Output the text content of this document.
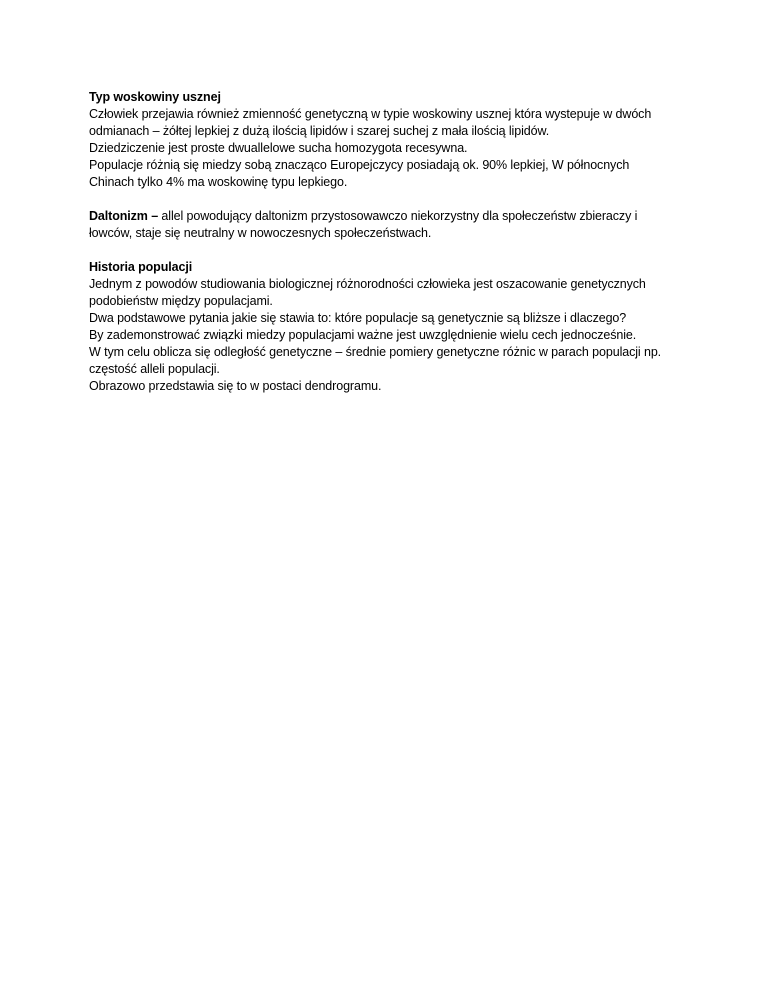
Typ woskowiny usznej
Człowiek przejawia również zmienność genetyczną w typie woskowiny usznej która wystepuje w dwóch
odmianach – żółtej lepkiej z dużą ilością lipidów i szarej suchej z mała ilością lipidów.
Dziedziczenie jest proste dwuallelowe sucha homozygota recesywna.
Populacje różnią się miedzy sobą znacząco Europejczycy posiadają ok. 90% lepkiej, W północnych
Chinach tylko 4% ma woskowinę typu lepkiego.
Daltonizm – allel powodujący daltonizm przystosowawczo niekorzystny dla społeczeństw zbieraczy i
łowców, staje się neutralny w nowoczesnych społeczeństwach.
Historia populacji
Jednym z powodów studiowania biologicznej różnorodności człowieka jest oszacowanie genetycznych
podobieństw między populacjami.
Dwa podstawowe pytania jakie się stawia to: które populacje są genetycznie są bliższe i dlaczego?
By zademonstrować związki miedzy populacjami ważne jest uwzględnienie wielu cech jednocześnie.
W tym celu oblicza się odległość genetyczne – średnie pomiery genetyczne różnic w parach populacji np.
częstość alleli populacji.
Obrazowo przedstawia się to w postaci dendrogramu.
